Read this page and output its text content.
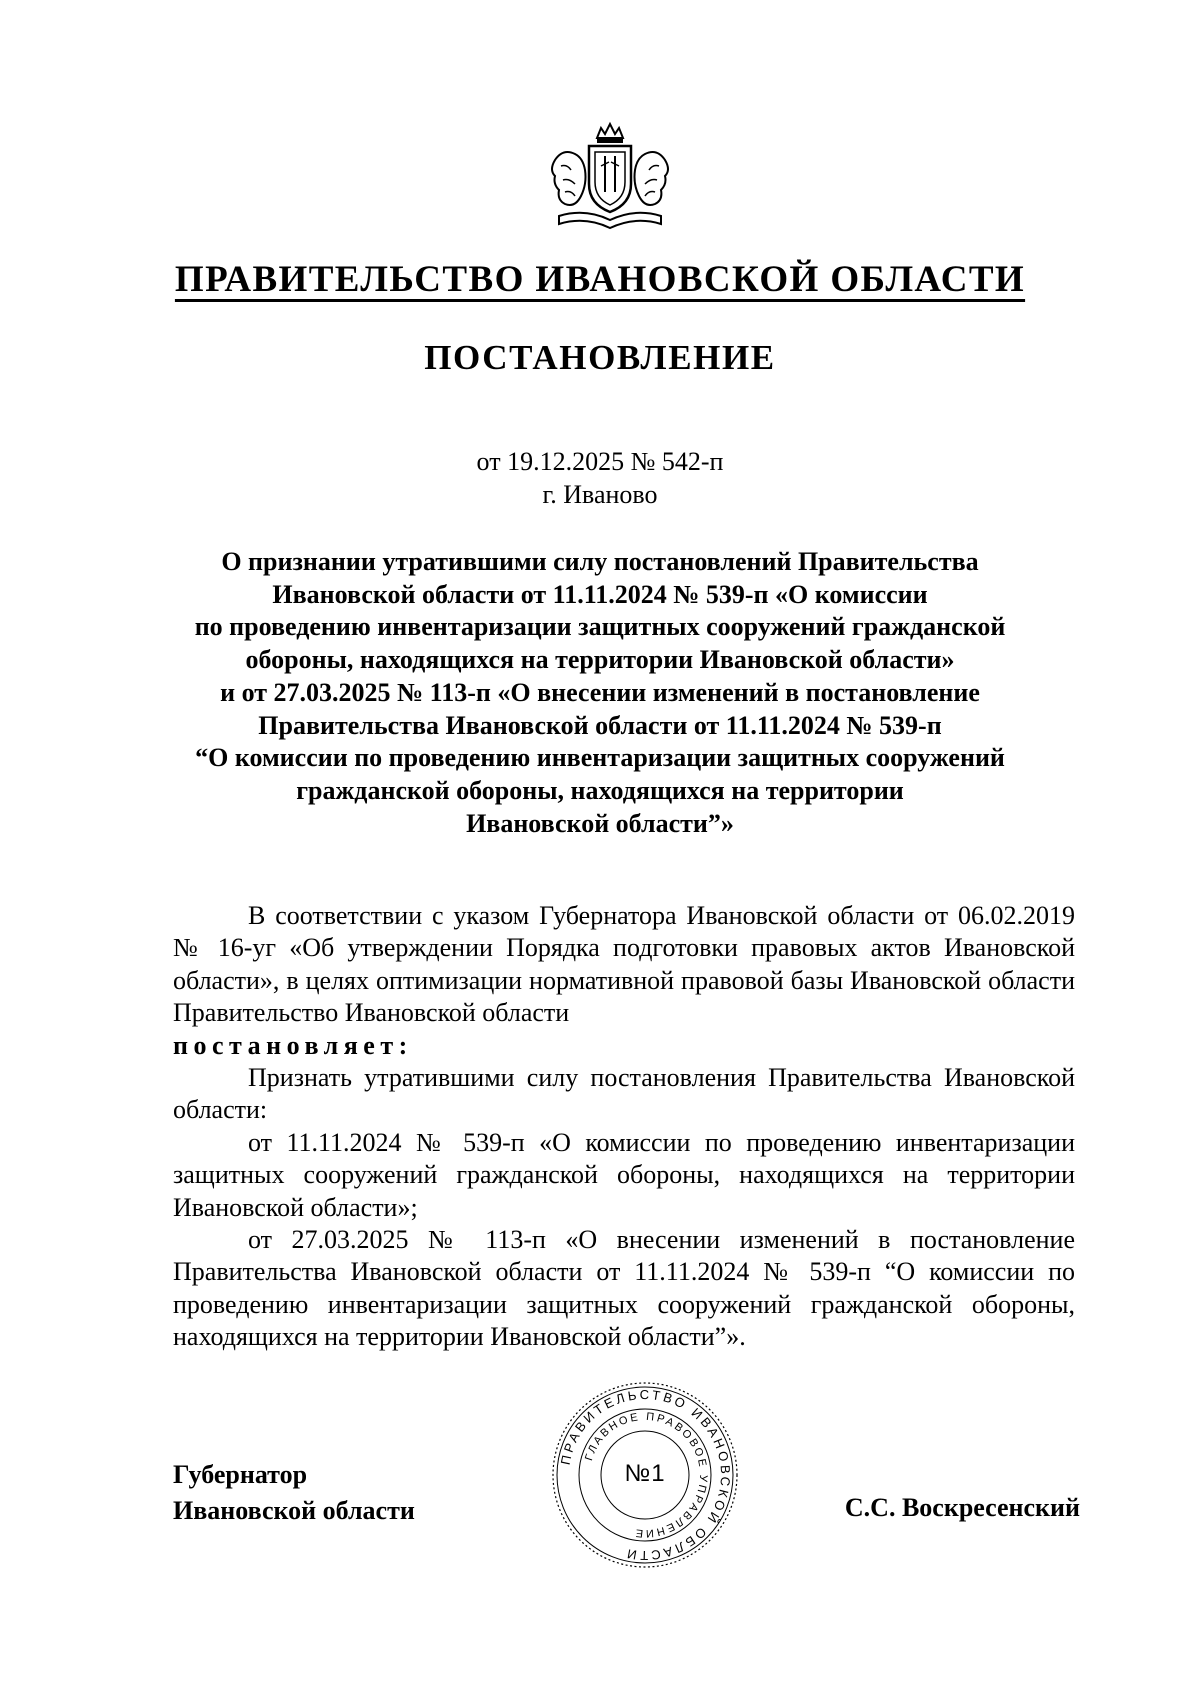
ПРАВИТЕЛЬСТВО ИВАНОВСКОЙ ОБЛАСТИ
ПОСТАНОВЛЕНИЕ
от 19.12.2025 № 542-п
г. Иваново
О признании утратившими силу постановлений Правительства
Ивановской области от 11.11.2024 № 539-п «О комиссии
по проведению инвентаризации защитных сооружений гражданской
обороны, находящихся на территории Ивановской области»
и от 27.03.2025 № 113-п «О внесении изменений в постановление
Правительства Ивановской области от 11.11.2024 № 539-п
“О комиссии по проведению инвентаризации защитных сооружений
гражданской обороны, находящихся на территории
Ивановской области”»

В соответствии с указом Губернатора Ивановской области от 06.02.2019 № 16-уг «Об утверждении Порядка подготовки правовых актов Ивановской области», в целях оптимизации нормативной правовой базы Ивановской области Правительство Ивановской области

постановляет:

Признать утратившими силу постановления Правительства Ивановской области:

от 11.11.2024 № 539-п «О комиссии по проведению инвентаризации защитных сооружений гражданской обороны, находящихся на территории Ивановской области»;

от 27.03.2025 № 113-п «О внесении изменений в постановление Правительства Ивановской области от 11.11.2024 № 539-п “О комиссии по проведению инвентаризации защитных сооружений гражданской обороны, находящихся на территории Ивановской области”».

Губернатор
Ивановской области
ПРАВИТЕЛЬСТВО ИВАНОВСКОЙ ОБЛАСТИ
ГЛАВНОЕ ПРАВОВОЕ УПРАВЛЕНИЕ
№1
С.С. Воскресенский
